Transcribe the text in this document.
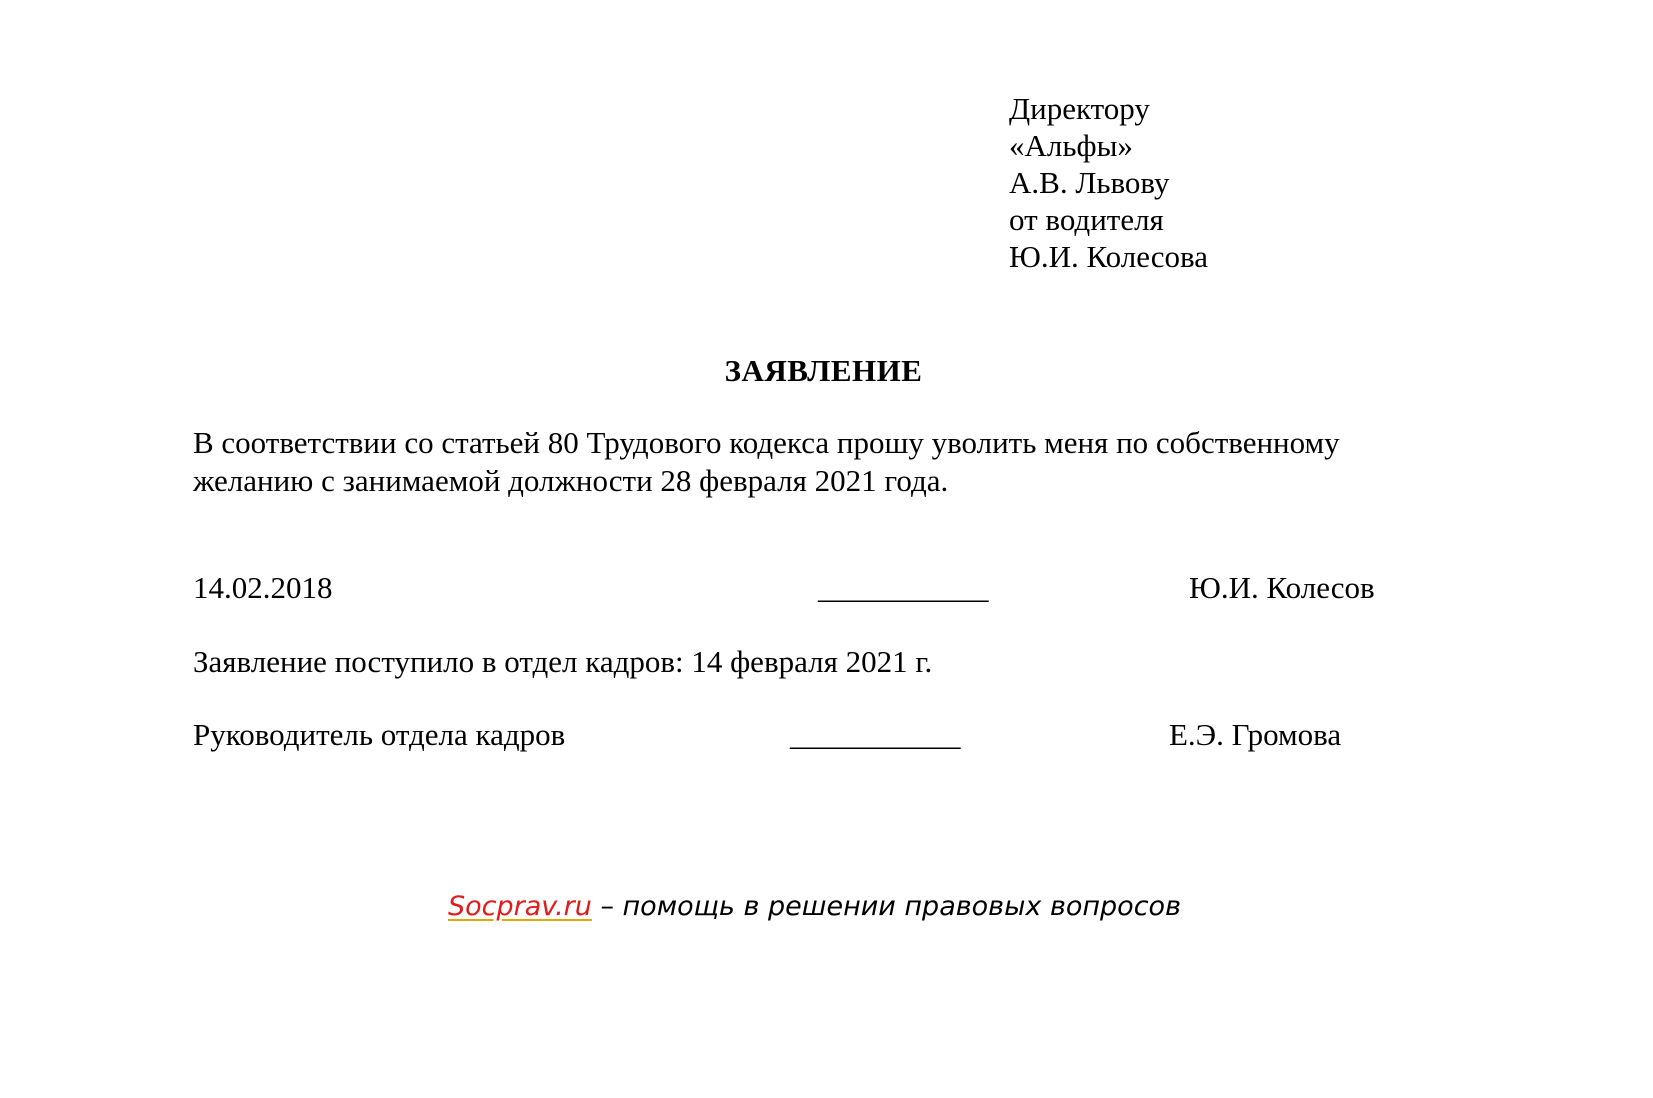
Директору
«Альфы»
А.В. Львову
от водителя
Ю.И. Колесова
ЗАЯВЛЕНИЕ
В соответствии со статьей 80 Трудового кодекса прошу уволить меня по собственному
желанию с занимаемой должности 28 февраля 2021 года.
14.02.2018	___________	Ю.И. Колесов
Заявление поступило в отдел кадров: 14 февраля 2021 г.
Руководитель отдела кадров	___________	Е.Э. Громова
Socprav.ru – помощь в решении правовых вопросов
